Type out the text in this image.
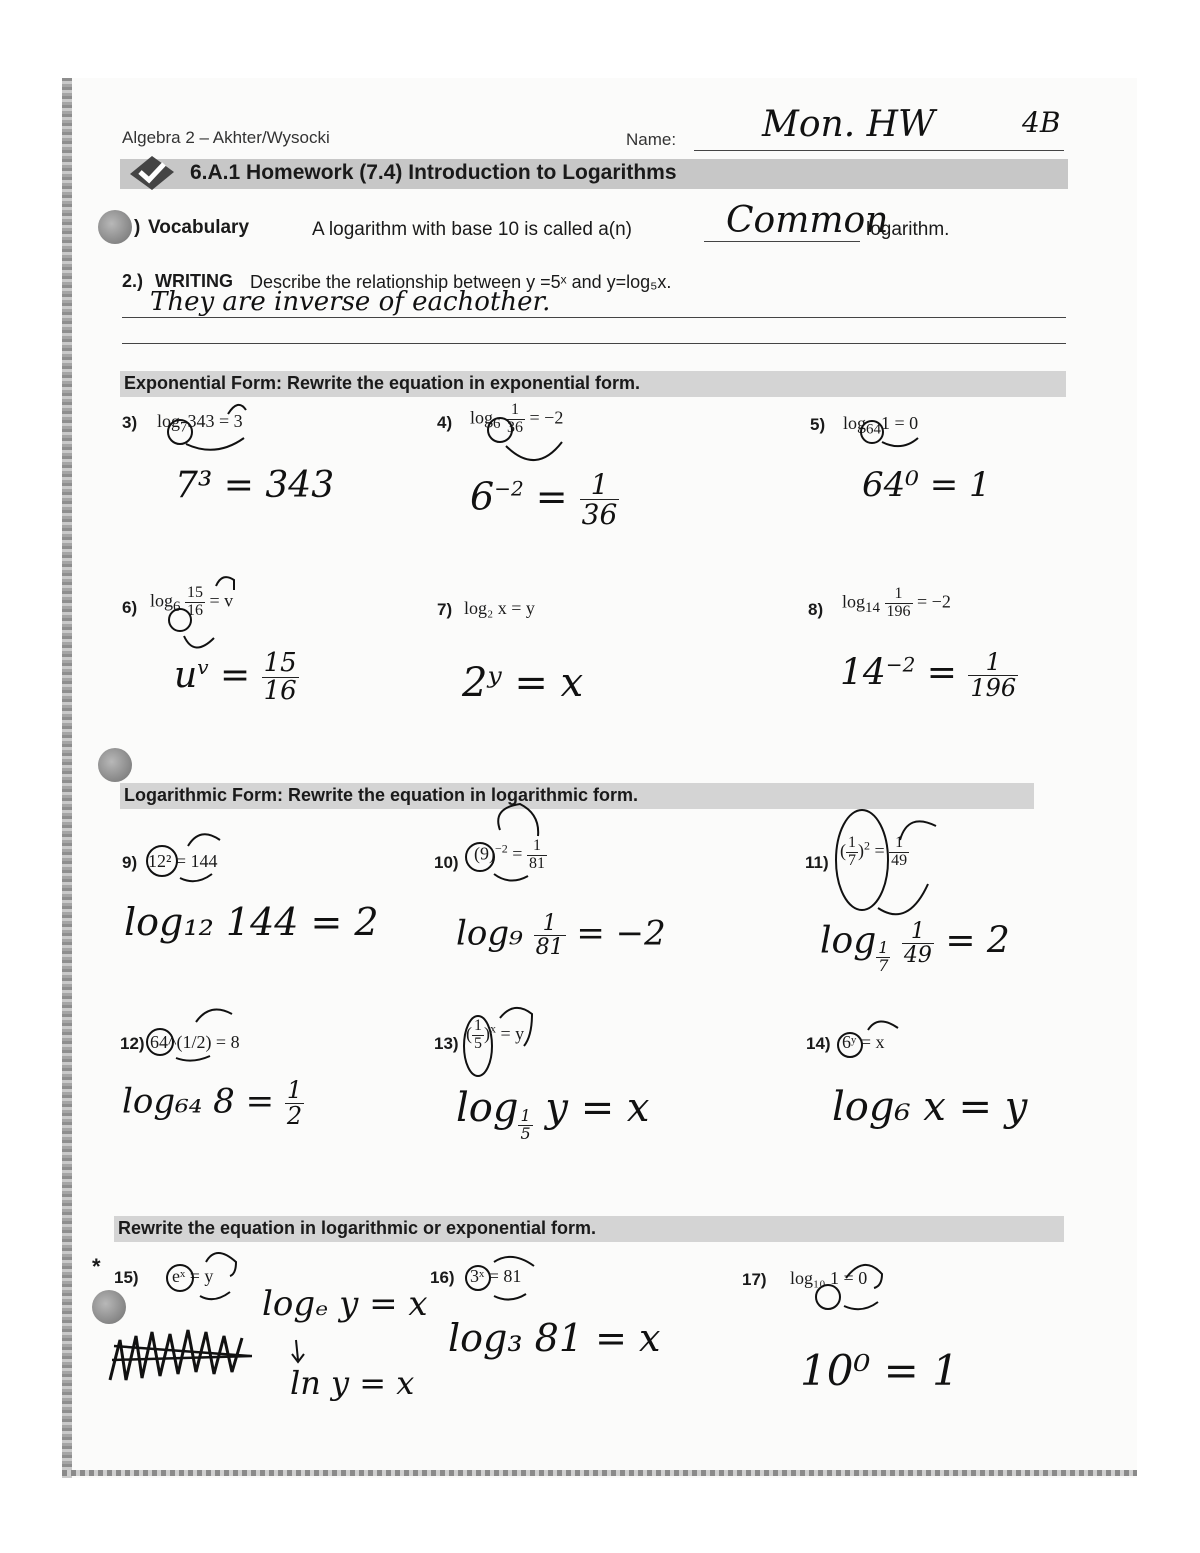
Algebra 2 – Akhter/Wysocki	Name: Mon. HW	4B
6.A.1 Homework (7.4) Introduction to Logarithms
) Vocabulary	A logarithm with base 10 is called a(n)	Common
logarithm.
2.) WRITING Describe the relationship between y =5ˣ and y=log₅x.
They are inverse of eachother.
Exponential Form: Rewrite the equation in exponential form.
3) $\log_7343 = 3$
7³ = 343
4) $\log_6 \frac{1}{36} = -2$
$6^{-2} = \frac{1}{36}$
5) $\log_{64}1 = 0$
64⁰ = 1
6) $\log_6 \frac{15}{16} = v$
$u^v = \frac{15}{16}$
7) log₂ x = y
2ʸ = x
8) $\log_{14} \frac{1}{196} = -2$
$14^{-2} = \frac{1}{196}$
Logarithmic Form: Rewrite the equation in logarithmic form.
9) 12² = 144
log₁₂ 144 = 2
10) $(9)^{-2} = \frac{1}{81}$
$\log_9 \frac{1}{81} = -2$
11)
( $\frac{1}{7} )^2 = \frac{1}{49}$
$\log \frac{1}{7}$
$\frac{1}{49} = 2$
12) 64^(1/2) = 8
log₆₄ $8 = \frac{1}{2}$
13)
( $\frac{1}{5} )^x = y$
$\log \frac{1}{5}$ y = x
14) 6ʸ = x
log₆ x = y
Rewrite the equation in logarithmic or exponential form.
* 15) eˣ = y
logₑ y = x
ln y = x
16) 3ˣ = 81
log₃ 81 = x
17) log₁₀ 1 = 0
10⁰ = 1
